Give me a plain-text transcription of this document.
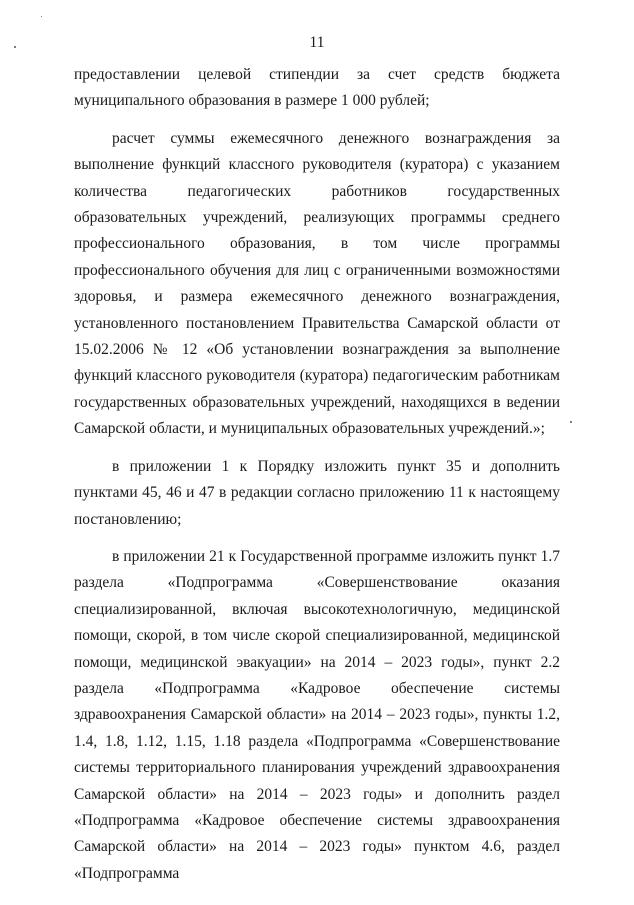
11

предоставлении целевой стипендии за счет средств бюджета муниципального образования в размере 1 000 рублей;

расчет суммы ежемесячного денежного вознаграждения за выполнение функций классного руководителя (куратора) с указанием количества педагогических работников государственных образовательных учреждений, реализующих программы среднего профессионального образования, в том числе программы профессионального обучения для лиц с ограниченными возможностями здоровья, и размера ежемесячного денежного вознаграждения, установленного постановлением Правительства Самарской области от 15.02.2006 № 12 «Об установлении вознаграждения за выполнение функций классного руководителя (куратора) педагогическим работникам государственных образовательных учреждений, находящихся в ведении Самарской области, и муниципальных образовательных учреждений.»;

в приложении 1 к Порядку изложить пункт 35 и дополнить пунктами 45, 46 и 47 в редакции согласно приложению 11 к настоящему постановлению;

в приложении 21 к Государственной программе изложить пункт 1.7 раздела «Подпрограмма «Совершенствование оказания специализированной, включая высокотехнологичную, медицинской помощи, скорой, в том числе скорой специализированной, медицинской помощи, медицинской эвакуации» на 2014 – 2023 годы», пункт 2.2 раздела «Подпрограмма «Кадровое обеспечение системы здравоохранения Самарской области» на 2014 – 2023 годы», пункты 1.2, 1.4, 1.8, 1.12, 1.15, 1.18 раздела «Подпрограмма «Совершенствование системы территориального планирования учреждений здравоохранения Самарской области» на 2014 – 2023 годы» и дополнить раздел «Подпрограмма «Кадровое обеспечение системы здравоохранения Самарской области» на 2014 – 2023 годы» пунктом 4.6, раздел «Подпрограмма
